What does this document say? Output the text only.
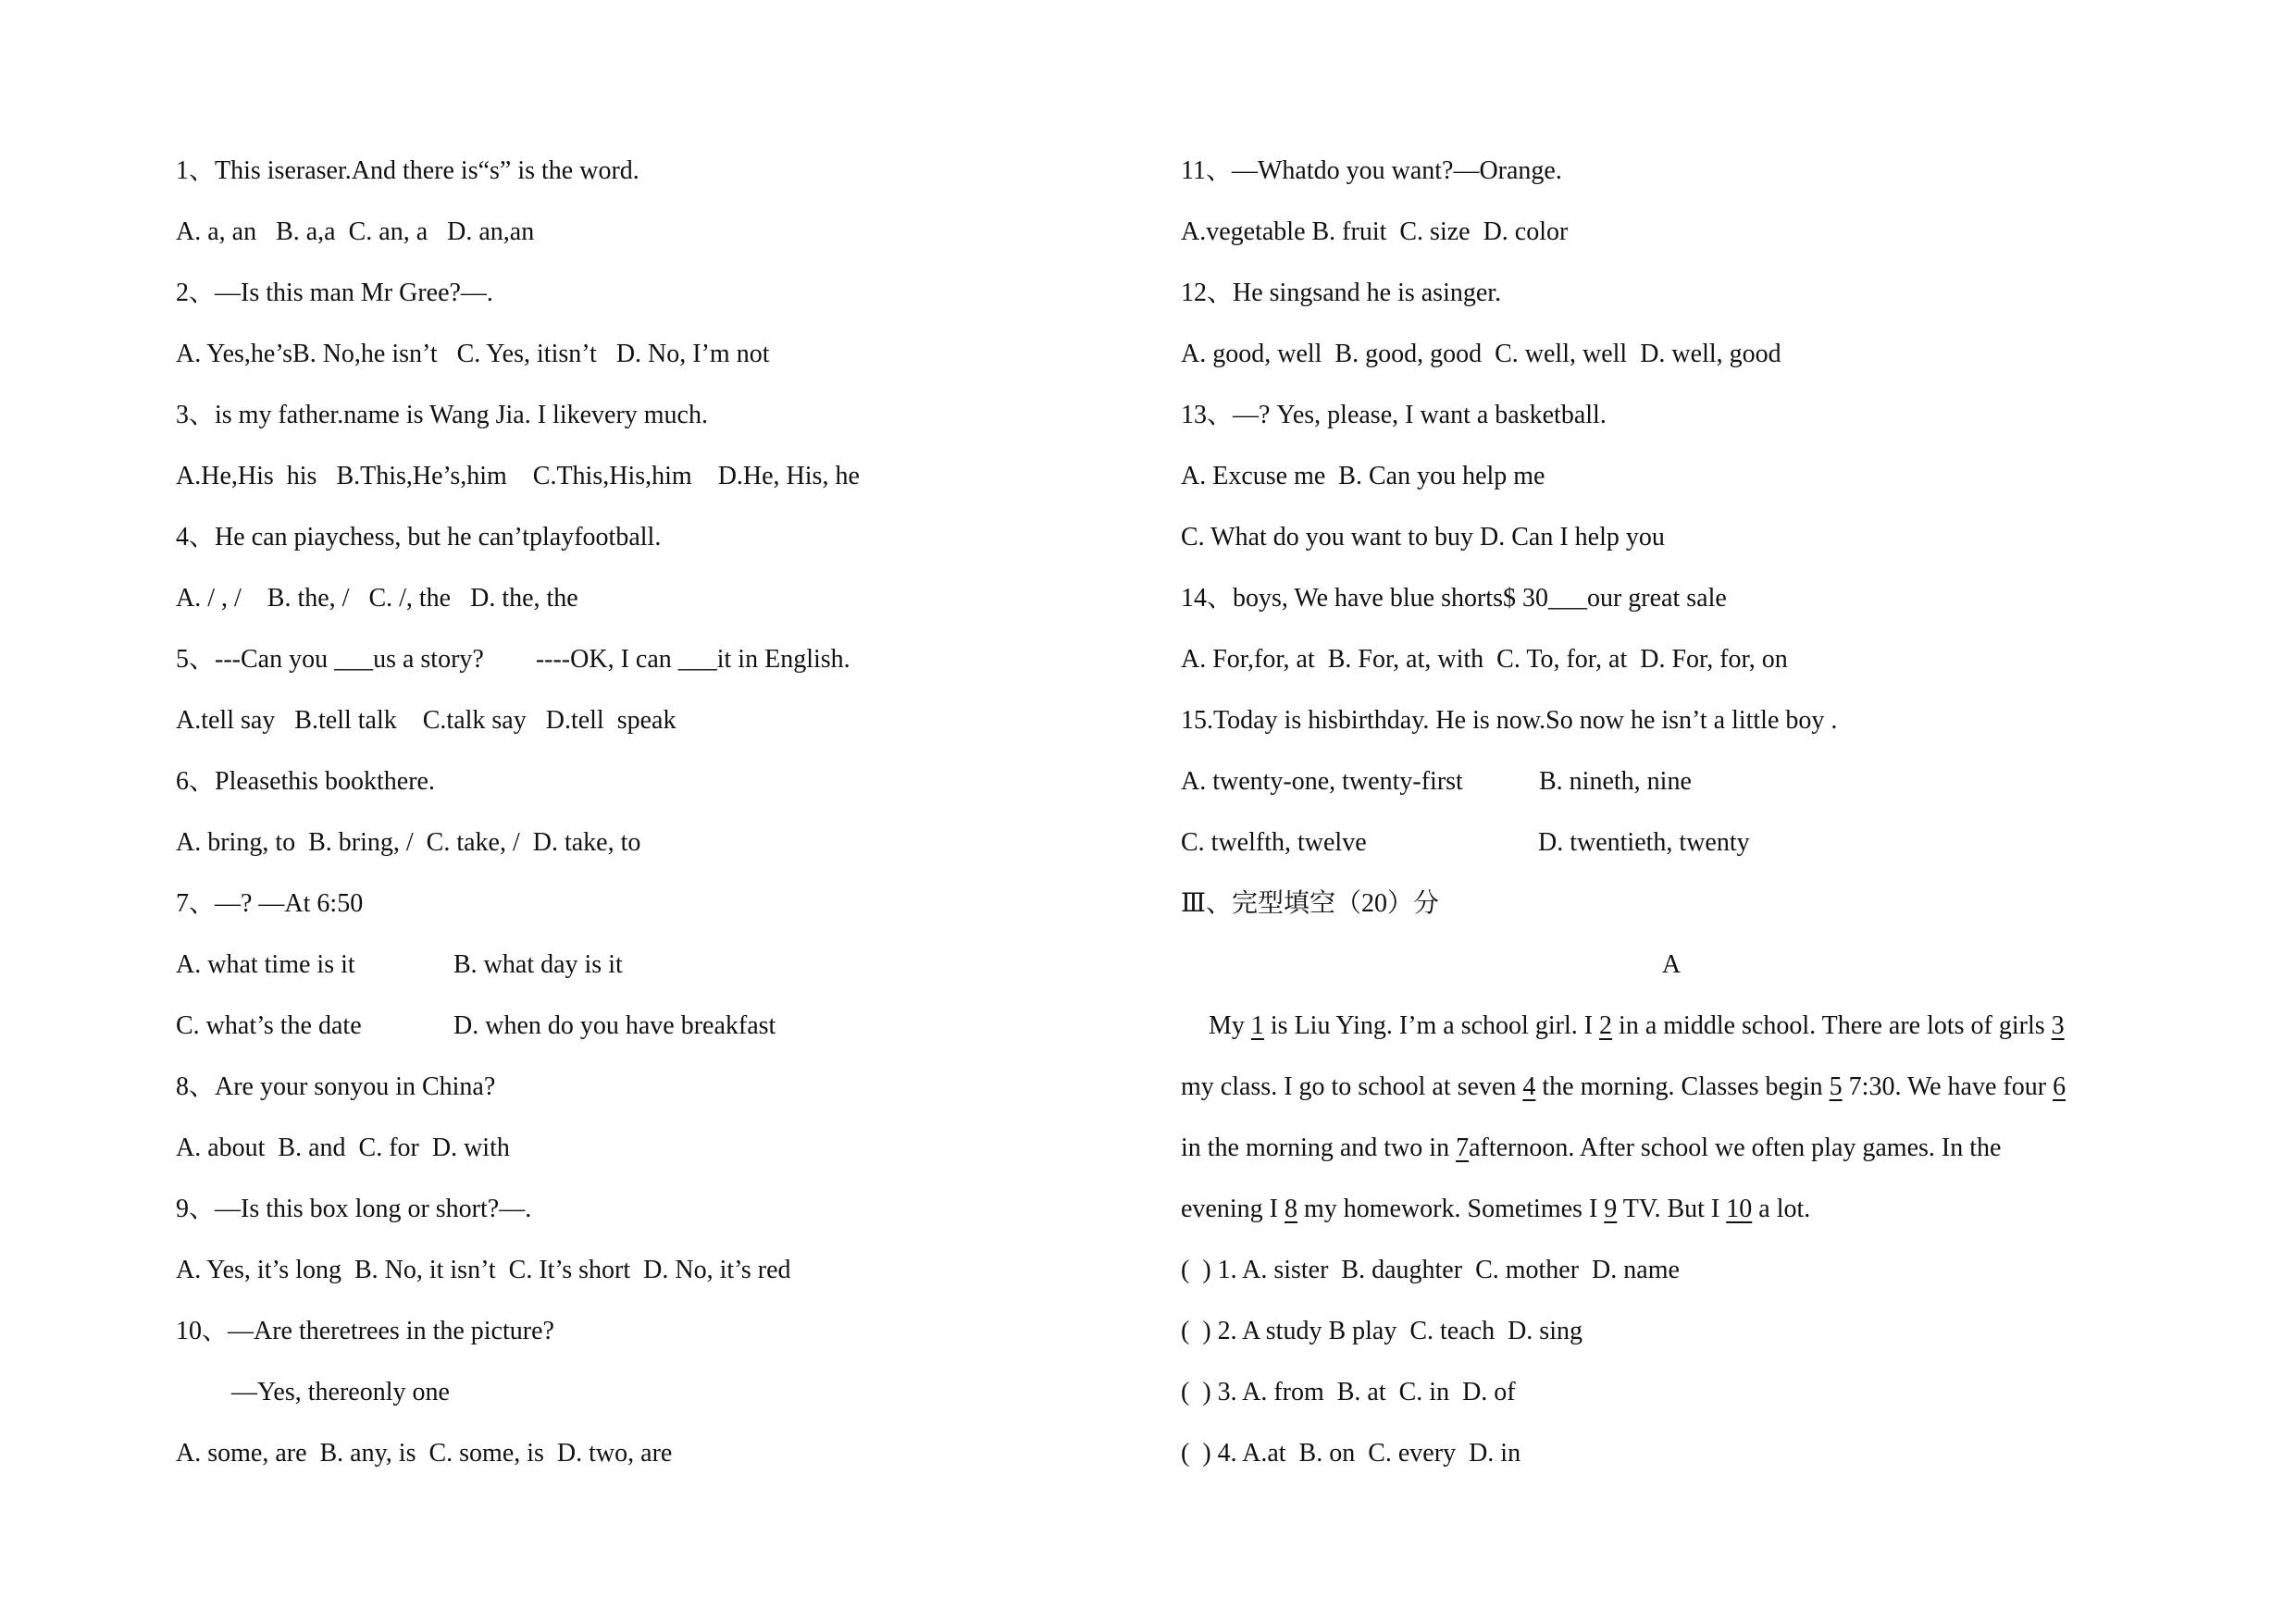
1、This iseraser.And there is“s” is the word.
A. a, an   B. a,a  C. an, a   D. an,an
2、—Is this man Mr Gree?—.
A. Yes,he’sB. No,he isn’t   C. Yes, itisn’t   D. No, I’m not
3、is my father.name is Wang Jia. I likevery much.
A.He,His  his   B.This,He’s,him    C.This,His,him    D.He, His, he
4、He can piaychess, but he can’tplayfootball.
A. / , /    B. the, /   C. /, the   D. the, the
5、---Can you ___us a story?        ----OK, I can ___it in English.
A.tell say   B.tell talk    C.talk say   D.tell  speak
6、Pleasethis bookthere.
A. bring, to  B. bring, /  C. take, /  D. take, to
7、—? —At 6:50
A. what time is it	B. what day is it
C. what’s the date	D. when do you have breakfast
8、Are your sonyou in China?
A. about  B. and  C. for  D. with
9、—Is this box long or short?—.
A. Yes, it’s long  B. No, it isn’t  C. It’s short  D. No, it’s red
10、—Are theretrees in the picture?
—Yes, thereonly one
A. some, are  B. any, is  C. some, is  D. two, are
11、—Whatdo you want?—Orange.
A.vegetable B. fruit  C. size  D. color
12、He singsand he is asinger.
A. good, well  B. good, good  C. well, well  D. well, good
13、—? Yes, please, I want a basketball.
A. Excuse me  B. Can you help me
C. What do you want to buy D. Can I help you
14、boys, We have blue shorts$ 30___our great sale
A. For,for, at  B. For, at, with  C. To, for, at  D. For, for, on
15.Today is hisbirthday. He is now.So now he isn’t a little boy .
A. twenty-one, twenty-first	B. nineth, nine
C. twelfth, twelve	D. twentieth, twenty
Ⅲ、完型填空（20）分
A
My 1 is Liu Ying. I’m a school girl. I 2 in a middle school. There are lots of girls 3
my class. I go to school at seven 4 the morning. Classes begin 5 7:30. We have four 6
in the morning and two in 7afternoon. After school we often play games. In the
evening I 8 my homework. Sometimes I 9 TV. But I 10 a lot.
(  ) 1. A. sister  B. daughter  C. mother  D. name
(  ) 2. A study B play  C. teach  D. sing
(  ) 3. A. from  B. at  C. in  D. of
(  ) 4. A.at  B. on  C. every  D. in
